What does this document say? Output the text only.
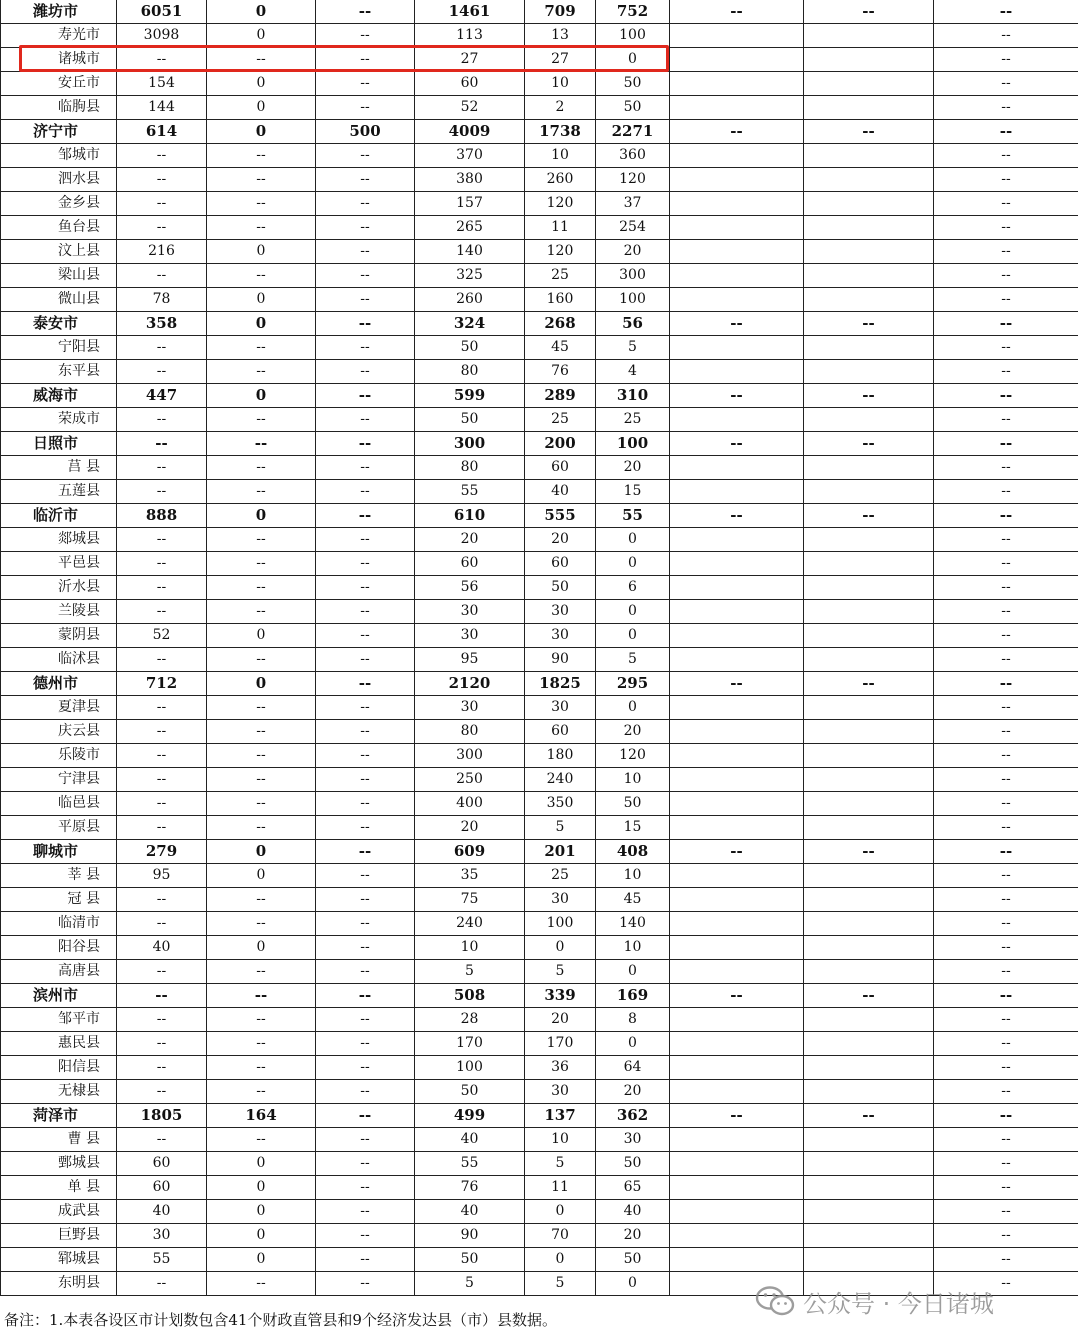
潍坊市	6051	0	--	1461	709	752	--	--	--
寿光市	3098	0	--	113	13	100			--
诸城市	--	--	--	27	27	0			--
安丘市	154	0	--	60	10	50			--
临朐县	144	0	--	52	2	50			--
济宁市	614	0	500	4009	1738	2271	--	--	--
邹城市	--	--	--	370	10	360			--
泗水县	--	--	--	380	260	120			--
金乡县	--	--	--	157	120	37			--
鱼台县	--	--	--	265	11	254			--
汶上县	216	0	--	140	120	20			--
梁山县	--	--	--	325	25	300			--
微山县	78	0	--	260	160	100			--
泰安市	358	0	--	324	268	56	--	--	--
宁阳县	--	--	--	50	45	5			--
东平县	--	--	--	80	76	4			--
威海市	447	0	--	599	289	310	--	--	--
荣成市	--	--	--	50	25	25			--
日照市	--	--	--	300	200	100	--	--	--
莒 县	--	--	--	80	60	20			--
五莲县	--	--	--	55	40	15			--
临沂市	888	0	--	610	555	55	--	--	--
郯城县	--	--	--	20	20	0			--
平邑县	--	--	--	60	60	0			--
沂水县	--	--	--	56	50	6			--
兰陵县	--	--	--	30	30	0			--
蒙阴县	52	0	--	30	30	0			--
临沭县	--	--	--	95	90	5			--
德州市	712	0	--	2120	1825	295	--	--	--
夏津县	--	--	--	30	30	0			--
庆云县	--	--	--	80	60	20			--
乐陵市	--	--	--	300	180	120			--
宁津县	--	--	--	250	240	10			--
临邑县	--	--	--	400	350	50			--
平原县	--	--	--	20	5	15			--
聊城市	279	0	--	609	201	408	--	--	--
莘 县	95	0	--	35	25	10			--
冠 县	--	--	--	75	30	45			--
临清市	--	--	--	240	100	140			--
阳谷县	40	0	--	10	0	10			--
高唐县	--	--	--	5	5	0			--
滨州市	--	--	--	508	339	169	--	--	--
邹平市	--	--	--	28	20	8			--
惠民县	--	--	--	170	170	0			--
阳信县	--	--	--	100	36	64			--
无棣县	--	--	--	50	30	20			--
菏泽市	1805	164	--	499	137	362	--	--	--
曹 县	--	--	--	40	10	30			--
鄄城县	60	0	--	55	5	50			--
单 县	60	0	--	76	11	65			--
成武县	40	0	--	40	0	40			--
巨野县	30	0	--	90	70	20			--
郓城县	55	0	--	50	0	50			--
东明县	--	--	--	5	5	0			--
备注：1.本表各设区市计划数包含41个财政直管县和9个经济发达县（市）县数据。
公众号 · 今日诸城
